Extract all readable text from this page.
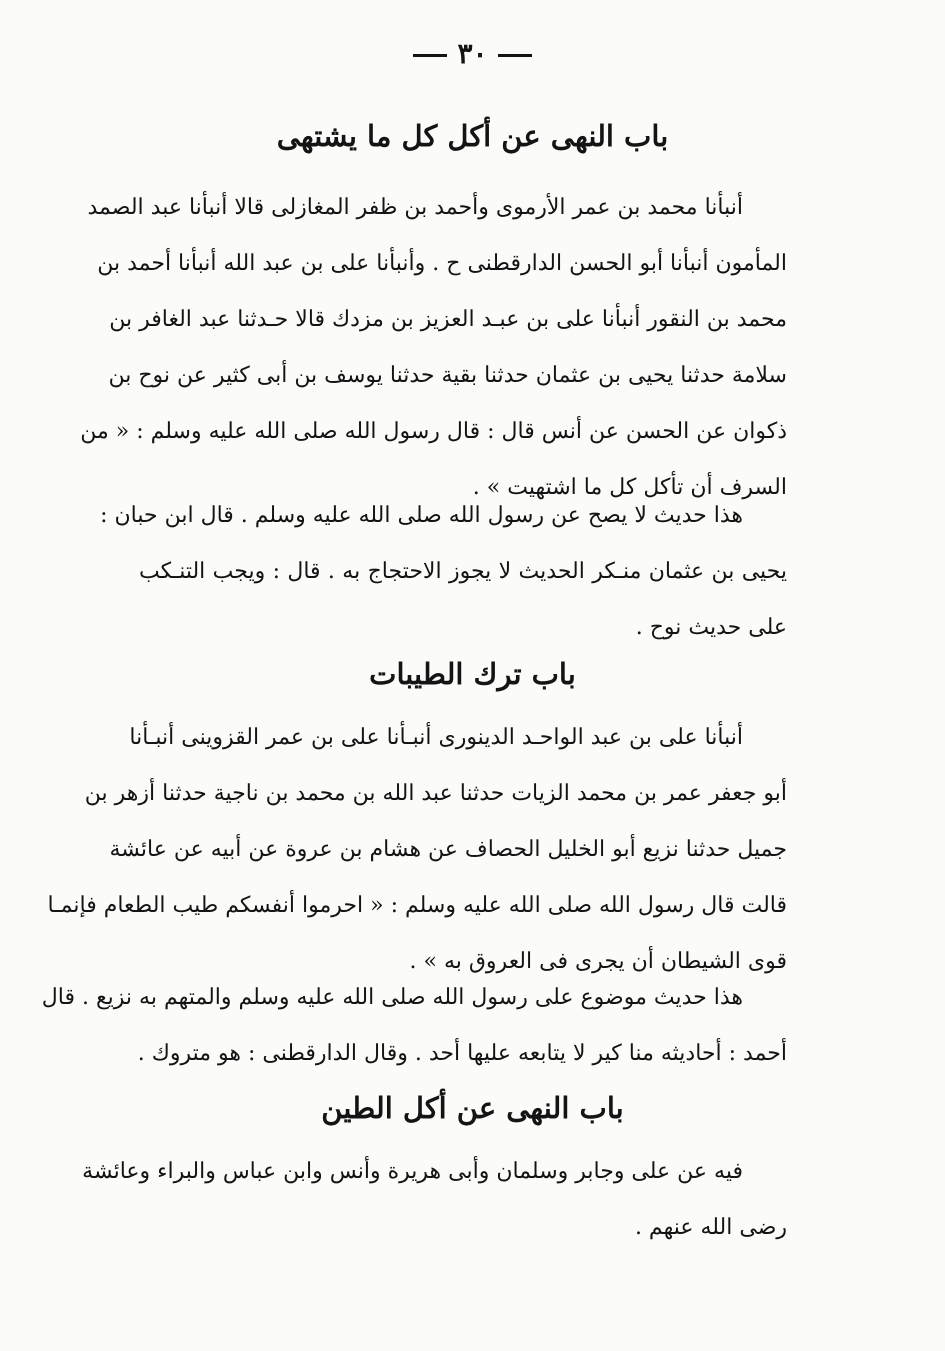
٣٠
باب النهى عن أكل كل ما يشتهى
أنبأنا محمد بن عمر الأرموى وأحمد بن ظفر المغازلى قالا أنبأنا عبد الصمد
المأمون أنبأنا أبو الحسن الدارقطنى ح . وأنبأنا على بن عبد الله أنبأنا أحمد بن
محمد بن النقور أنبأنا على بن عبـد العزيز بن مزدك قالا حـدثنا عبد الغافر بن
سلامة حدثنا يحيى بن عثمان حدثنا بقية حدثنا يوسف بن أبى كثير عن نوح بن
ذكوان عن الحسن عن أنس قال : قال رسول الله صلى الله عليه وسلم : « من
السرف أن تأكل كل ما اشتهيت » .
هذا حديث لا يصح عن رسول الله صلى الله عليه وسلم . قال ابن حبان :
يحيى بن عثمان منـكر الحديث لا يجوز الاحتجاج به . قال : ويجب التنـكب
على حديث نوح .
باب ترك الطيبات
أنبأنا على بن عبد الواحـد الدينورى أنبـأنا على بن عمر القزوينى أنبـأنا
أبو جعفر عمر بن محمد الزيات حدثنا عبد الله بن محمد بن ناجية حدثنا أزهر بن
جميل حدثنا نزيع أبو الخليل الحصاف عن هشام بن عروة عن أبيه عن عائشة
قالت قال رسول الله صلى الله عليه وسلم : « احرموا أنفسكم طيب الطعام فإنمـا
قوى الشيطان أن يجرى فى العروق به » .
هذا حديث موضوع على رسول الله صلى الله عليه وسلم والمتهم به نزيع . قال
أحمد : أحاديثه منا كير لا يتابعه عليها أحد . وقال الدارقطنى : هو متروك .
باب النهى عن أكل الطين
فيه عن على وجابر وسلمان وأبى هريرة وأنس وابن عباس والبراء وعائشة
رضى الله عنهم .
